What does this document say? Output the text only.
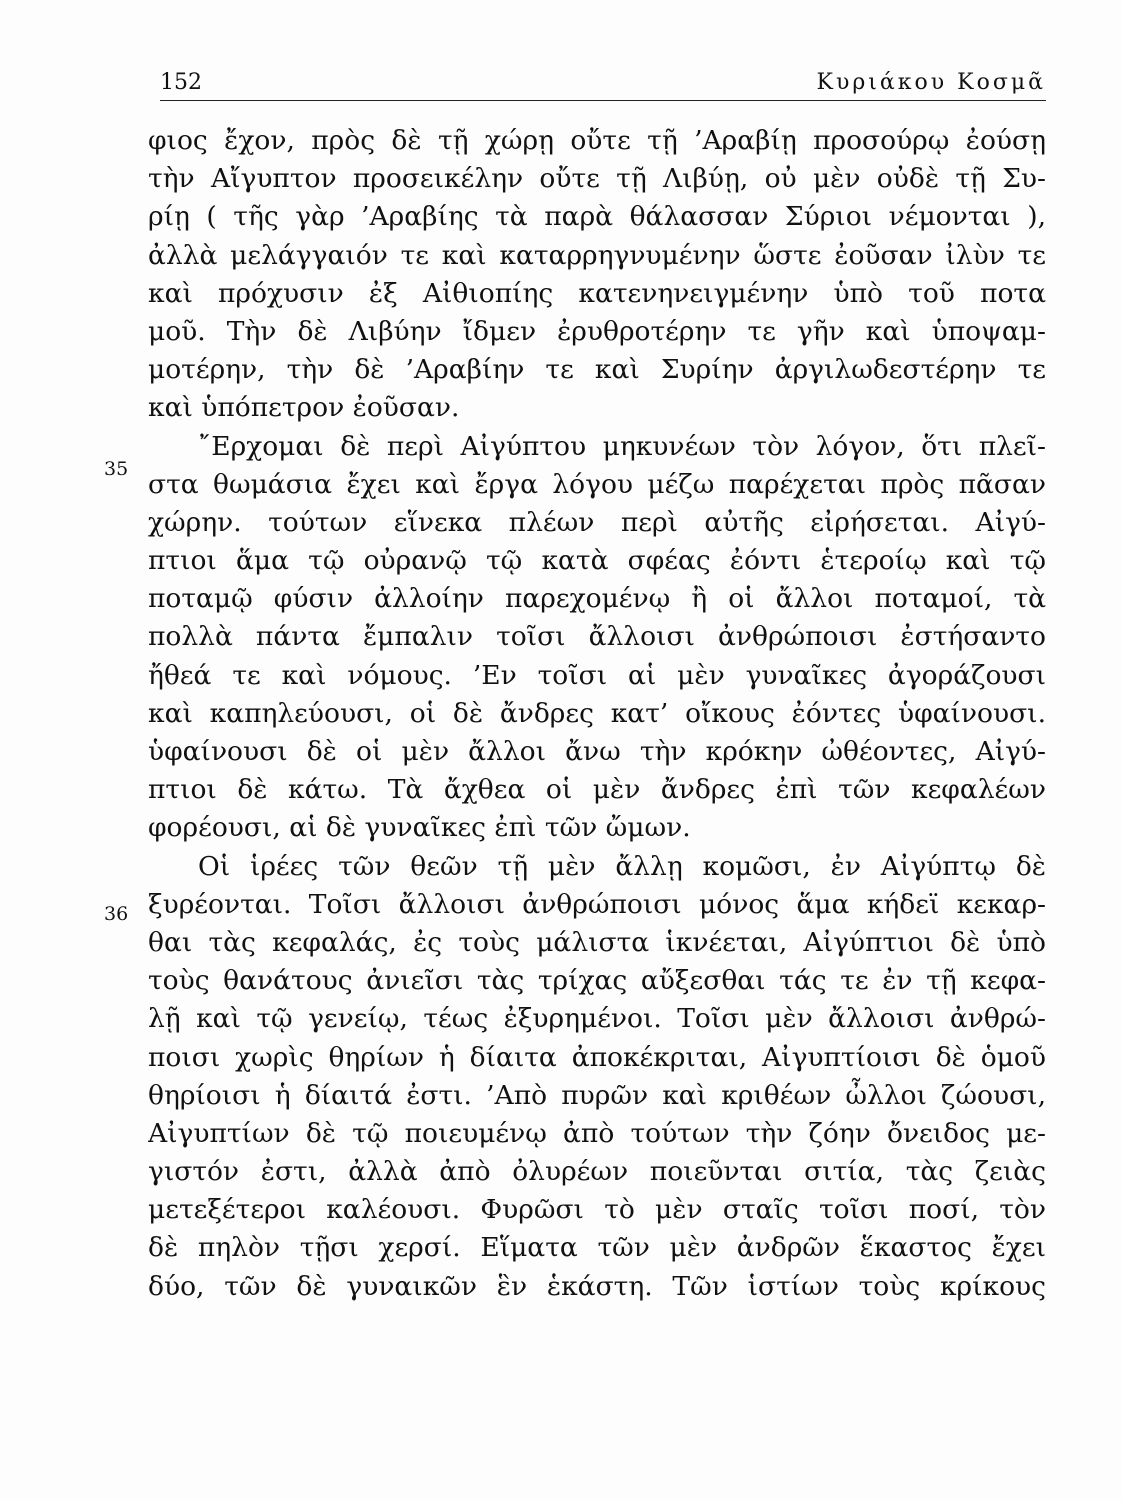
152	Κυριάκου Κοσμᾶ
35
36
φιος ἔχον, πρὸς δὲ τῇ χώρῃ οὔτε τῇ ’Αραβίῃ προσούρῳ ἐούσῃ
τὴν Αἴγυπτον προσεικέλην οὔτε τῇ Λιβύῃ, οὐ μὲν οὐδὲ τῇ Συ-
ρίῃ ( τῆς γὰρ ’Αραβίης τὰ παρὰ θάλασσαν Σύριοι νέμονται ),
ἀλλὰ μελάγγαιόν τε καὶ καταρρηγνυμένην ὥστε ἐοῦσαν ἰλὺν τε
καὶ πρόχυσιν ἐξ Αἰθιοπίης κατενηνειγμένην ὑπὸ τοῦ ποτα
μοῦ. Τὴν δὲ Λιβύην ἴδμεν ἐρυθροτέρην τε γῆν καὶ ὑποψαμ-
μοτέρην, τὴν δὲ ’Αραβίην τε καὶ Συρίην ἀργιλωδεστέρην τε
καὶ ὑπόπετρον ἐοῦσαν.
῎Ερχομαι δὲ περὶ Αἰγύπτου μηκυνέων τὸν λόγον, ὅτι πλεῖ-
στα θωμάσια ἔχει καὶ ἔργα λόγου μέζω παρέχεται πρὸς πᾶσαν
χώρην. τούτων εἵνεκα πλέων περὶ αὐτῆς εἰρήσεται. Αἰγύ-
πτιοι ἅμα τῷ οὐρανῷ τῷ κατὰ σφέας ἐόντι ἑτεροίῳ καὶ τῷ
ποταμῷ φύσιν ἀλλοίην παρεχομένῳ ἢ οἱ ἄλλοι ποταμοί, τὰ
πολλὰ πάντα ἔμπαλιν τοῖσι ἄλλοισι ἀνθρώποισι ἐστήσαντο
ἤθεά τε καὶ νόμους. ’Εν τοῖσι αἱ μὲν γυναῖκες ἀγοράζουσι
καὶ καπηλεύουσι, οἱ δὲ ἄνδρες κατ’ οἴκους ἐόντες ὑφαίνουσι.
ὑφαίνουσι δὲ οἱ μὲν ἄλλοι ἄνω τὴν κρόκην ὠθέοντες, Αἰγύ-
πτιοι δὲ κάτω. Τὰ ἄχθεα οἱ μὲν ἄνδρες ἐπὶ τῶν κεφαλέων
φορέουσι, αἱ δὲ γυναῖκες ἐπὶ τῶν ὤμων.
Οἱ ἱρέες τῶν θεῶν τῇ μὲν ἄλλῃ κομῶσι, ἐν Αἰγύπτῳ δὲ
ξυρέονται. Τοῖσι ἄλλοισι ἀνθρώποισι μόνος ἅμα κήδεϊ κεκαρ-
θαι τὰς κεφαλάς, ἐς τοὺς μάλιστα ἱκνέεται, Αἰγύπτιοι δὲ ὑπὸ
τοὺς θανάτους ἀνιεῖσι τὰς τρίχας αὔξεσθαι τάς τε ἐν τῇ κεφα-
λῇ καὶ τῷ γενείῳ, τέως ἐξυρημένοι. Τοῖσι μὲν ἄλλοισι ἀνθρώ-
ποισι χωρὶς θηρίων ἡ δίαιτα ἀποκέκριται, Αἰγυπτίοισι δὲ ὁμοῦ
θηρίοισι ἡ δίαιτά ἐστι. ’Απὸ πυρῶν καὶ κριθέων ὦλλοι ζώουσι,
Αἰγυπτίων δὲ τῷ ποιευμένῳ ἀπὸ τούτων τὴν ζόην ὄνειδος με-
γιστόν ἐστι, ἀλλὰ ἀπὸ ὀλυρέων ποιεῦνται σιτία, τὰς ζειὰς
μετεξέτεροι καλέουσι. Φυρῶσι τὸ μὲν σταῖς τοῖσι ποσί, τὸν
δὲ πηλὸν τῇσι χερσί. Εἵματα τῶν μὲν ἀνδρῶν ἕκαστος ἔχει
δύο, τῶν δὲ γυναικῶν ἓν ἑκάστη. Τῶν ἱστίων τοὺς κρίκους
